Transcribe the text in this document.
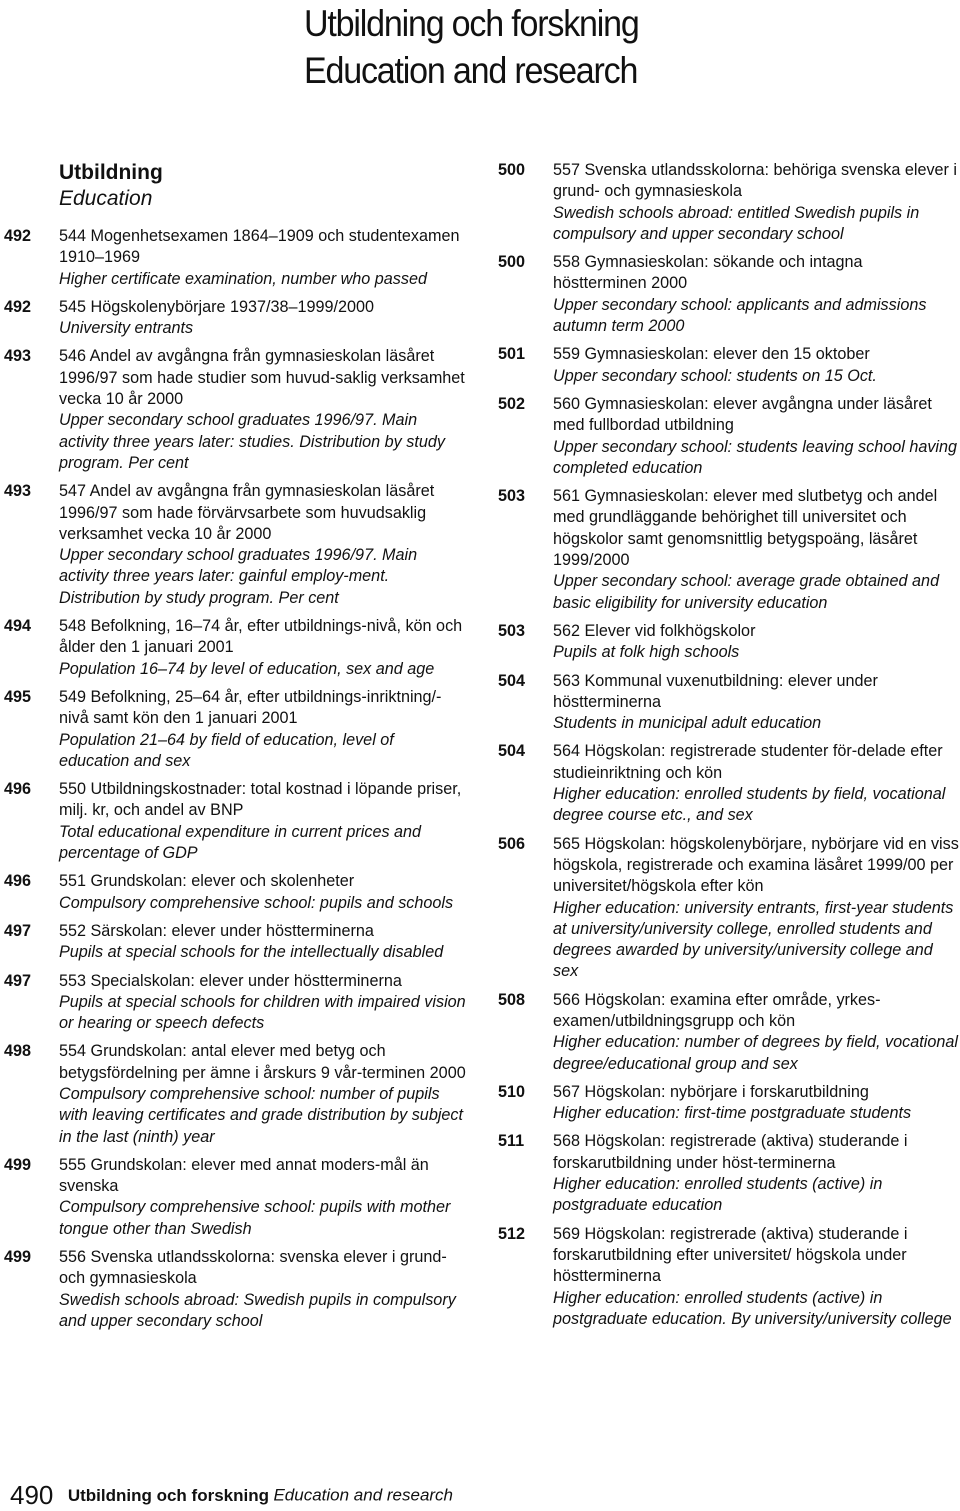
Utbildning och forskning
Education and research
Utbildning
Education
492	544 Mogenhetsexamen 1864–1909 och studentexamen 1910–1969

Higher certificate examination, number who passed

492	545 Högskolenybörjare 1937/38–1999/2000

University entrants

493	546 Andel av avgångna från gymnasieskolan läsåret 1996/97 som hade studier som huvud-saklig verksamhet vecka 10 år 2000

Upper secondary school graduates 1996/97. Main activity three years later: studies. Distribution by study program. Per cent

493	547 Andel av avgångna från gymnasieskolan läsåret 1996/97 som hade förvärvsarbete som huvudsaklig verksamhet vecka 10 år 2000

Upper secondary school graduates 1996/97. Main activity three years later: gainful employ-ment. Distribution by study program. Per cent

494	548 Befolkning, 16–74 år, efter utbildnings-nivå, kön och ålder den 1 januari 2001

Population 16–74 by level of education, sex and age

495	549 Befolkning, 25–64 år, efter utbildnings-inriktning/-nivå samt kön den 1 januari 2001

Population 21–64 by field of education, level of education and sex

496	550 Utbildningskostnader: total kostnad i löpande priser, milj. kr, och andel av BNP

Total educational expenditure in current prices and percentage of GDP

496	551 Grundskolan: elever och skolenheter

Compulsory comprehensive school: pupils and schools

497	552 Särskolan: elever under höstterminerna

Pupils at special schools for the intellectually disabled

497	553 Specialskolan: elever under höstterminerna

Pupils at special schools for children with impaired vision or hearing or speech defects

498	554 Grundskolan: antal elever med betyg och betygsfördelning per ämne i årskurs 9 vår-terminen 2000

Compulsory comprehensive school: number of pupils with leaving certificates and grade distribution by subject in the last (ninth) year

499	555 Grundskolan: elever med annat moders-mål än svenska

Compulsory comprehensive school: pupils with mother tongue other than Swedish

499	556 Svenska utlandsskolorna: svenska elever i grund- och gymnasieskola

Swedish schools abroad: Swedish pupils in compulsory and upper secondary school

500	557 Svenska utlandsskolorna: behöriga svenska elever i grund- och gymnasieskola

Swedish schools abroad: entitled Swedish pupils in compulsory and upper secondary school

500	558 Gymnasieskolan: sökande och intagna höstterminen 2000

Upper secondary school: applicants and admissions autumn term 2000

501	559 Gymnasieskolan: elever den 15 oktober

Upper secondary school: students on 15 Oct.

502	560 Gymnasieskolan: elever avgångna under läsåret med fullbordad utbildning

Upper secondary school: students leaving school having completed education

503	561 Gymnasieskolan: elever med slutbetyg och andel med grundläggande behörighet till universitet och högskolor samt genomsnittlig betygspoäng, läsåret 1999/2000

Upper secondary school: average grade obtained and basic eligibility for university education

503	562 Elever vid folkhögskolor

Pupils at folk high schools

504	563 Kommunal vuxenutbildning: elever under höstterminerna

Students in municipal adult education

504	564 Högskolan: registrerade studenter för-delade efter studieinriktning och kön

Higher education: enrolled students by field, vocational degree course etc., and sex

506	565 Högskolan: högskolenybörjare, nybörjare vid en viss högskola, registrerade och examina läsåret 1999/00 per universitet/högskola efter kön

Higher education: university entrants, first-year students at university/university college, enrolled students and degrees awarded by university/university college and sex

508	566 Högskolan: examina efter område, yrkes-examen/utbildningsgrupp och kön

Higher education: number of degrees by field, vocational degree/educational group and sex

510	567 Högskolan: nybörjare i forskarutbildning

Higher education: first-time postgraduate students

511	568 Högskolan: registrerade (aktiva) studerande i forskarutbildning under höst-terminerna

Higher education: enrolled students (active) in postgraduate education

512	569 Högskolan: registrerade (aktiva) studerande i forskarutbildning efter universitet/ högskola under höstterminerna

Higher education: enrolled students (active) in postgraduate education. By university/university college

490 Utbildning och forskning Education and research
